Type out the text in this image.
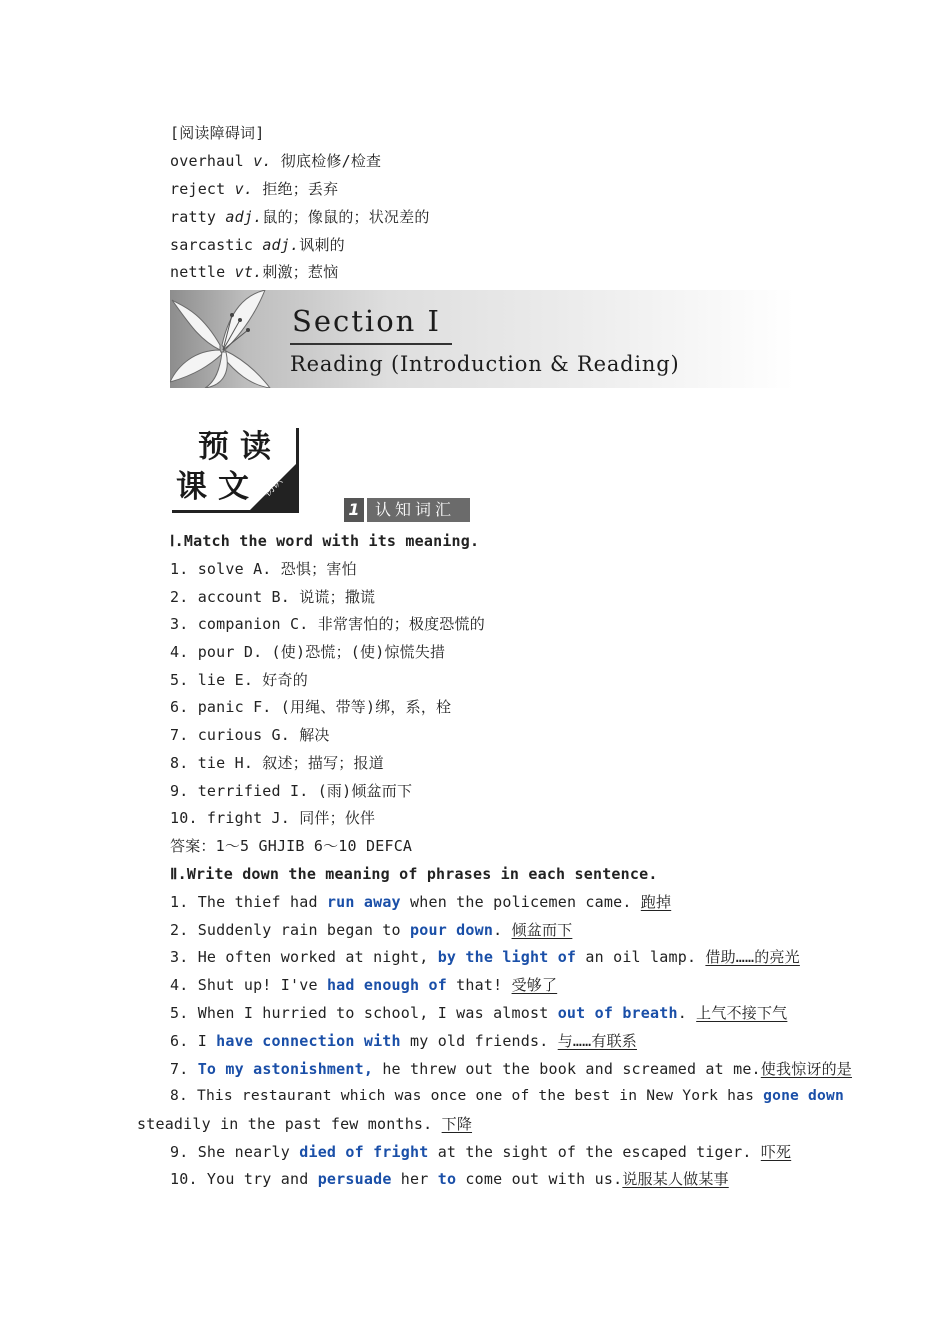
[阅读障碍词]
overhaul v. 彻底检修/检查
reject v. 拒绝；丢弃
ratty adj.鼠的；像鼠的；状况差的
sarcastic adj.讽刺的
nettle vt.刺激；惹恼
Section Ⅰ
Reading (Introduction & Reading)
预 读
课 文	初识
1 认知词汇
Ⅰ.Match the word with its meaning.
1. solve A. 恐惧；害怕
2. account B. 说谎；撒谎
3. companion C. 非常害怕的；极度恐慌的
4. pour D. (使)恐慌；(使)惊慌失措
5. lie E. 好奇的
6. panic F. (用绳、带等)绑，系，栓
7. curious G. 解决
8. tie H. 叙述；描写；报道
9. terrified I. (雨)倾盆而下
10. fright J. 同伴；伙伴
答案：1～5 GHJIB 6～10 DEFCA
Ⅱ.Write down the meaning of phrases in each sentence.
1. The thief had run away when the policemen came. 跑掉
2. Suddenly rain began to pour down. 倾盆而下
3. He often worked at night, by the light of an oil lamp. 借助……的亮光
4. Shut up! I've had enough of that! 受够了
5. When I hurried to school, I was almost out of breath. 上气不接下气
6. I have connection with my old friends. 与……有联系
7. To my astonishment, he threw out the book and screamed at me.使我惊讶的是
8. This restaurant which was once one of the best in New York has gone down
steadily in the past few months. 下降
9. She nearly died of fright at the sight of the escaped tiger. 吓死
10. You try and persuade her to come out with us.说服某人做某事
